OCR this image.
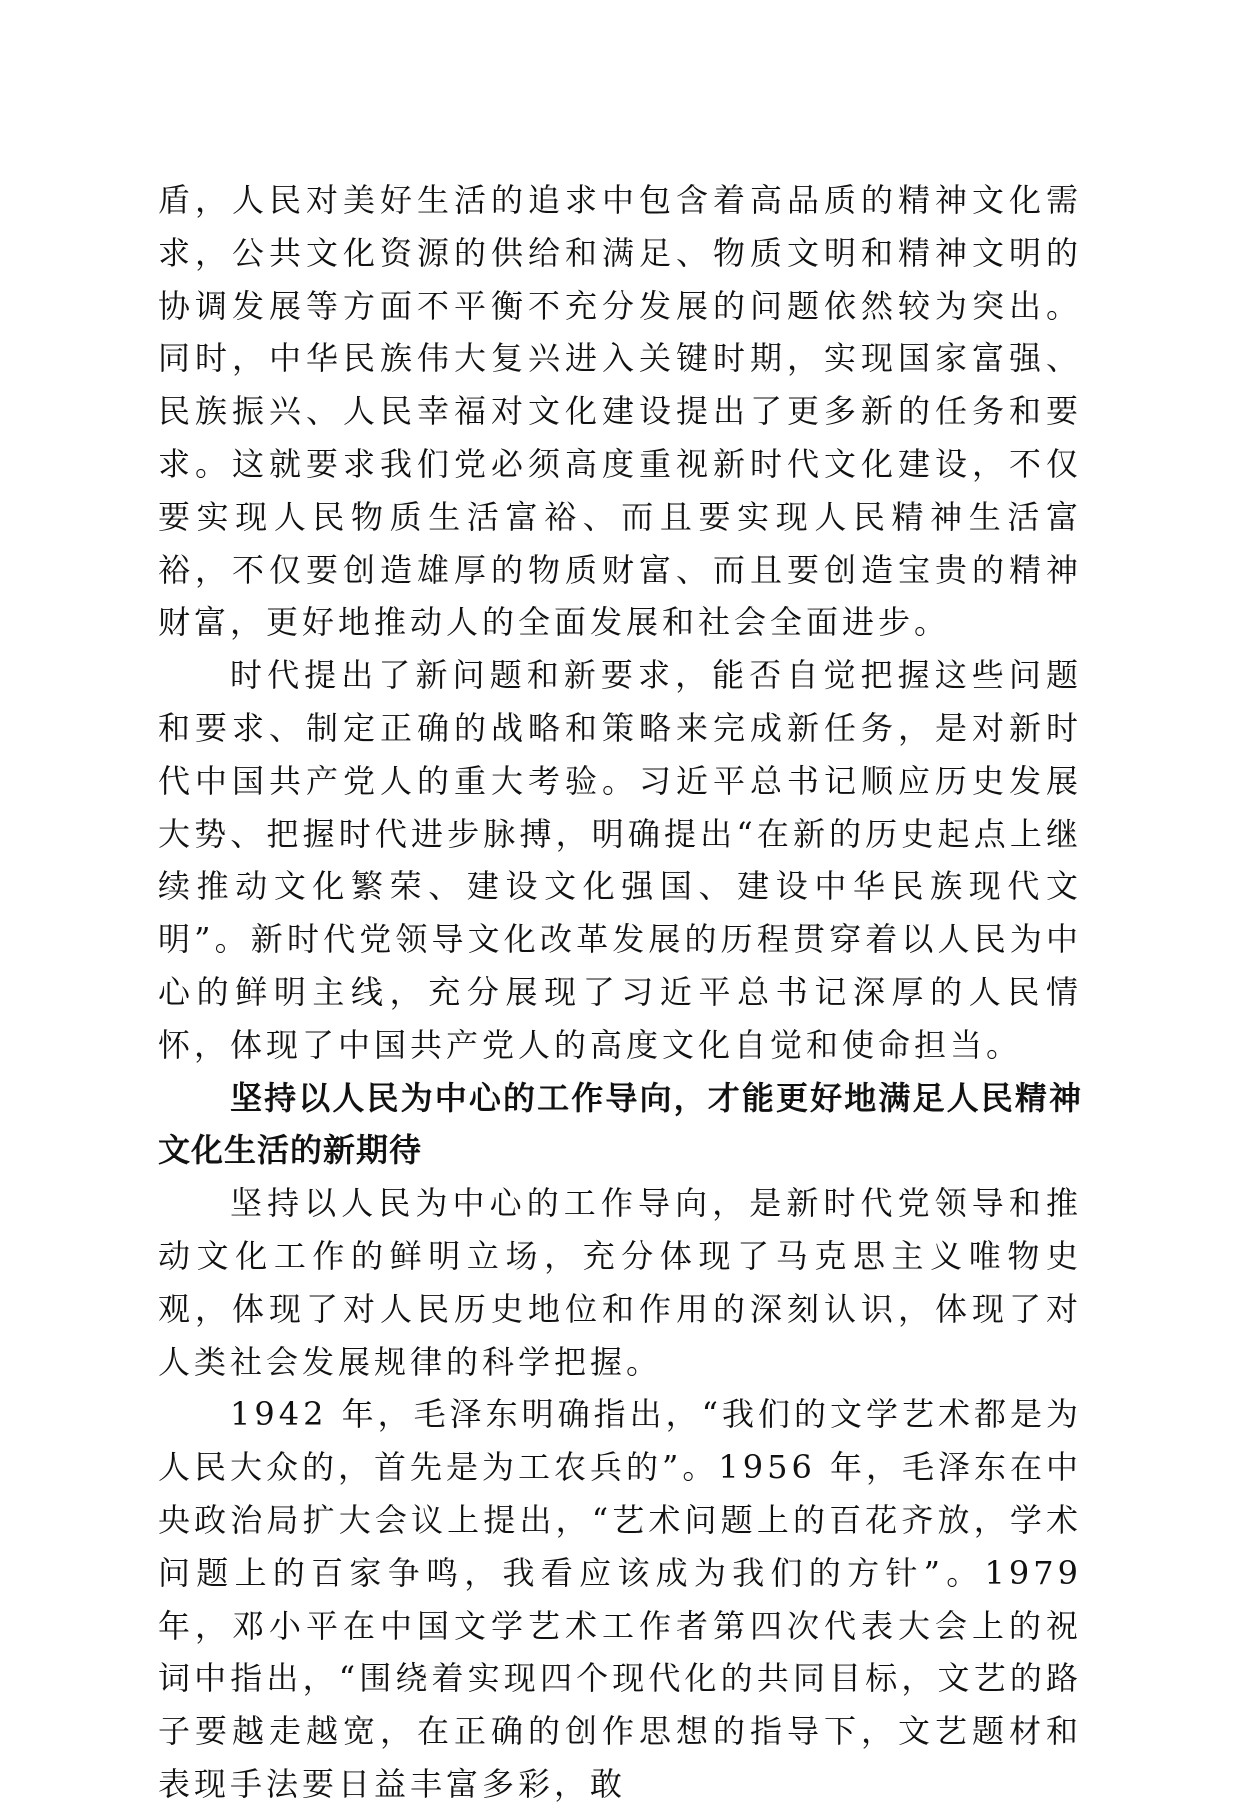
盾，人民对美好生活的追求中包含着高品质的精神文化需求，公共文化资源的供给和满足、物质文明和精神文明的协调发展等方面不平衡不充分发展的问题依然较为突出。同时，中华民族伟大复兴进入关键时期，实现国家富强、民族振兴、人民幸福对文化建设提出了更多新的任务和要求。这就要求我们党必须高度重视新时代文化建设，不仅要实现人民物质生活富裕、而且要实现人民精神生活富裕，不仅要创造雄厚的物质财富、而且要创造宝贵的精神财富，更好地推动人的全面发展和社会全面进步。

时代提出了新问题和新要求，能否自觉把握这些问题和要求、制定正确的战略和策略来完成新任务，是对新时代中国共产党人的重大考验。习近平总书记顺应历史发展大势、把握时代进步脉搏，明确提出“在新的历史起点上继续推动文化繁荣、建设文化强国、建设中华民族现代文明”。新时代党领导文化改革发展的历程贯穿着以人民为中心的鲜明主线，充分展现了习近平总书记深厚的人民情怀，体现了中国共产党人的高度文化自觉和使命担当。

坚持以人民为中心的工作导向，才能更好地满足人民精神文化生活的新期待

坚持以人民为中心的工作导向，是新时代党领导和推动文化工作的鲜明立场，充分体现了马克思主义唯物史观，体现了对人民历史地位和作用的深刻认识，体现了对人类社会发展规律的科学把握。

1942 年，毛泽东明确指出，“我们的文学艺术都是为人民大众的，首先是为工农兵的”。1956 年，毛泽东在中央政治局扩大会议上提出，“艺术问题上的百花齐放，学术问题上的百家争鸣，我看应该成为我们的方针”。1979 年，邓小平在中国文学艺术工作者第四次代表大会上的祝词中指出，“围绕着实现四个现代化的共同目标，文艺的路子要越走越宽，在正确的创作思想的指导下，文艺题材和表现手法要日益丰富多彩，敢
